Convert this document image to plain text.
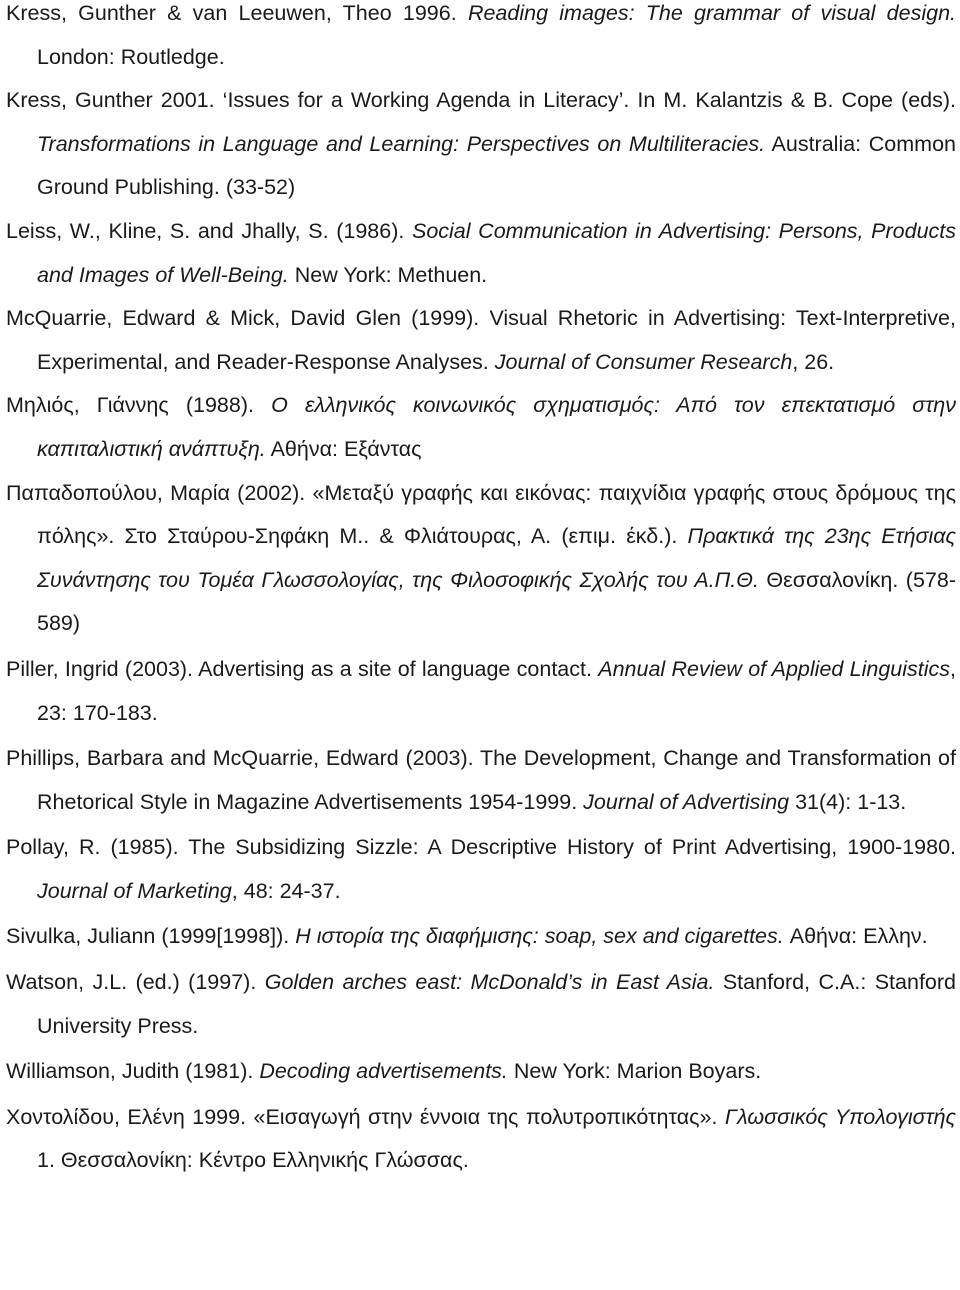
Kress, Gunther & van Leeuwen, Theo 1996. Reading images: The grammar of visual design. London: Routledge.

Kress, Gunther 2001. ‘Issues for a Working Agenda in Literacy’. In M. Kalantzis & B. Cope (eds). Transformations in Language and Learning: Perspectives on Multiliteracies. Australia: Common Ground Publishing. (33-52)

Leiss, W., Kline, S. and Jhally, S. (1986). Social Communication in Advertising: Persons, Products and Images of Well-Being. New York: Methuen.

McQuarrie, Edward & Mick, David Glen (1999). Visual Rhetoric in Advertising: Text-Interpretive, Experimental, and Reader-Response Analyses. Journal of Consumer Research, 26.

Μηλιός, Γιάννης (1988). Ο ελληνικός κοινωνικός σχηματισμός: Από τον επεκτατισμό στην καπιταλιστική ανάπτυξη. Αθήνα: Εξάντας

Παπαδοπούλου, Μαρία (2002). «Μεταξύ γραφής και εικόνας: παιχνίδια γραφής στους δρόμους της πόλης». Στο Σταύρου-Σηφάκη Μ.. & Φλιάτουρας, Α. (επιμ. έκδ.). Πρακτικά της 23ης Ετήσιας Συνάντησης του Τομέα Γλωσσολογίας, της Φιλοσοφικής Σχολής του Α.Π.Θ. Θεσσαλονίκη. (578-589)

Piller, Ingrid (2003). Advertising as a site of language contact. Annual Review of Applied Linguistics, 23: 170-183.

Phillips, Barbara and McQuarrie, Edward (2003). The Development, Change and Transformation of Rhetorical Style in Magazine Advertisements 1954-1999. Journal of Advertising 31(4): 1-13.

Pollay, R. (1985). The Subsidizing Sizzle: A Descriptive History of Print Advertising, 1900-1980. Journal of Marketing, 48: 24-37.

Sivulka, Juliann (1999[1998]). Η ιστορία της διαφήμισης: soap, sex and cigarettes. Αθήνα: Ελλην.

Watson, J.L. (ed.) (1997). Golden arches east: McDonald’s in East Asia. Stanford, C.A.: Stanford University Press.

Williamson, Judith (1981). Decoding advertisements. New York: Marion Boyars.

Χοντολίδου, Ελένη 1999. «Εισαγωγή στην έννοια της πολυτροπικότητας». Γλωσσικός Υπολογιστής 1. Θεσσαλονίκη: Κέντρο Ελληνικής Γλώσσας.
